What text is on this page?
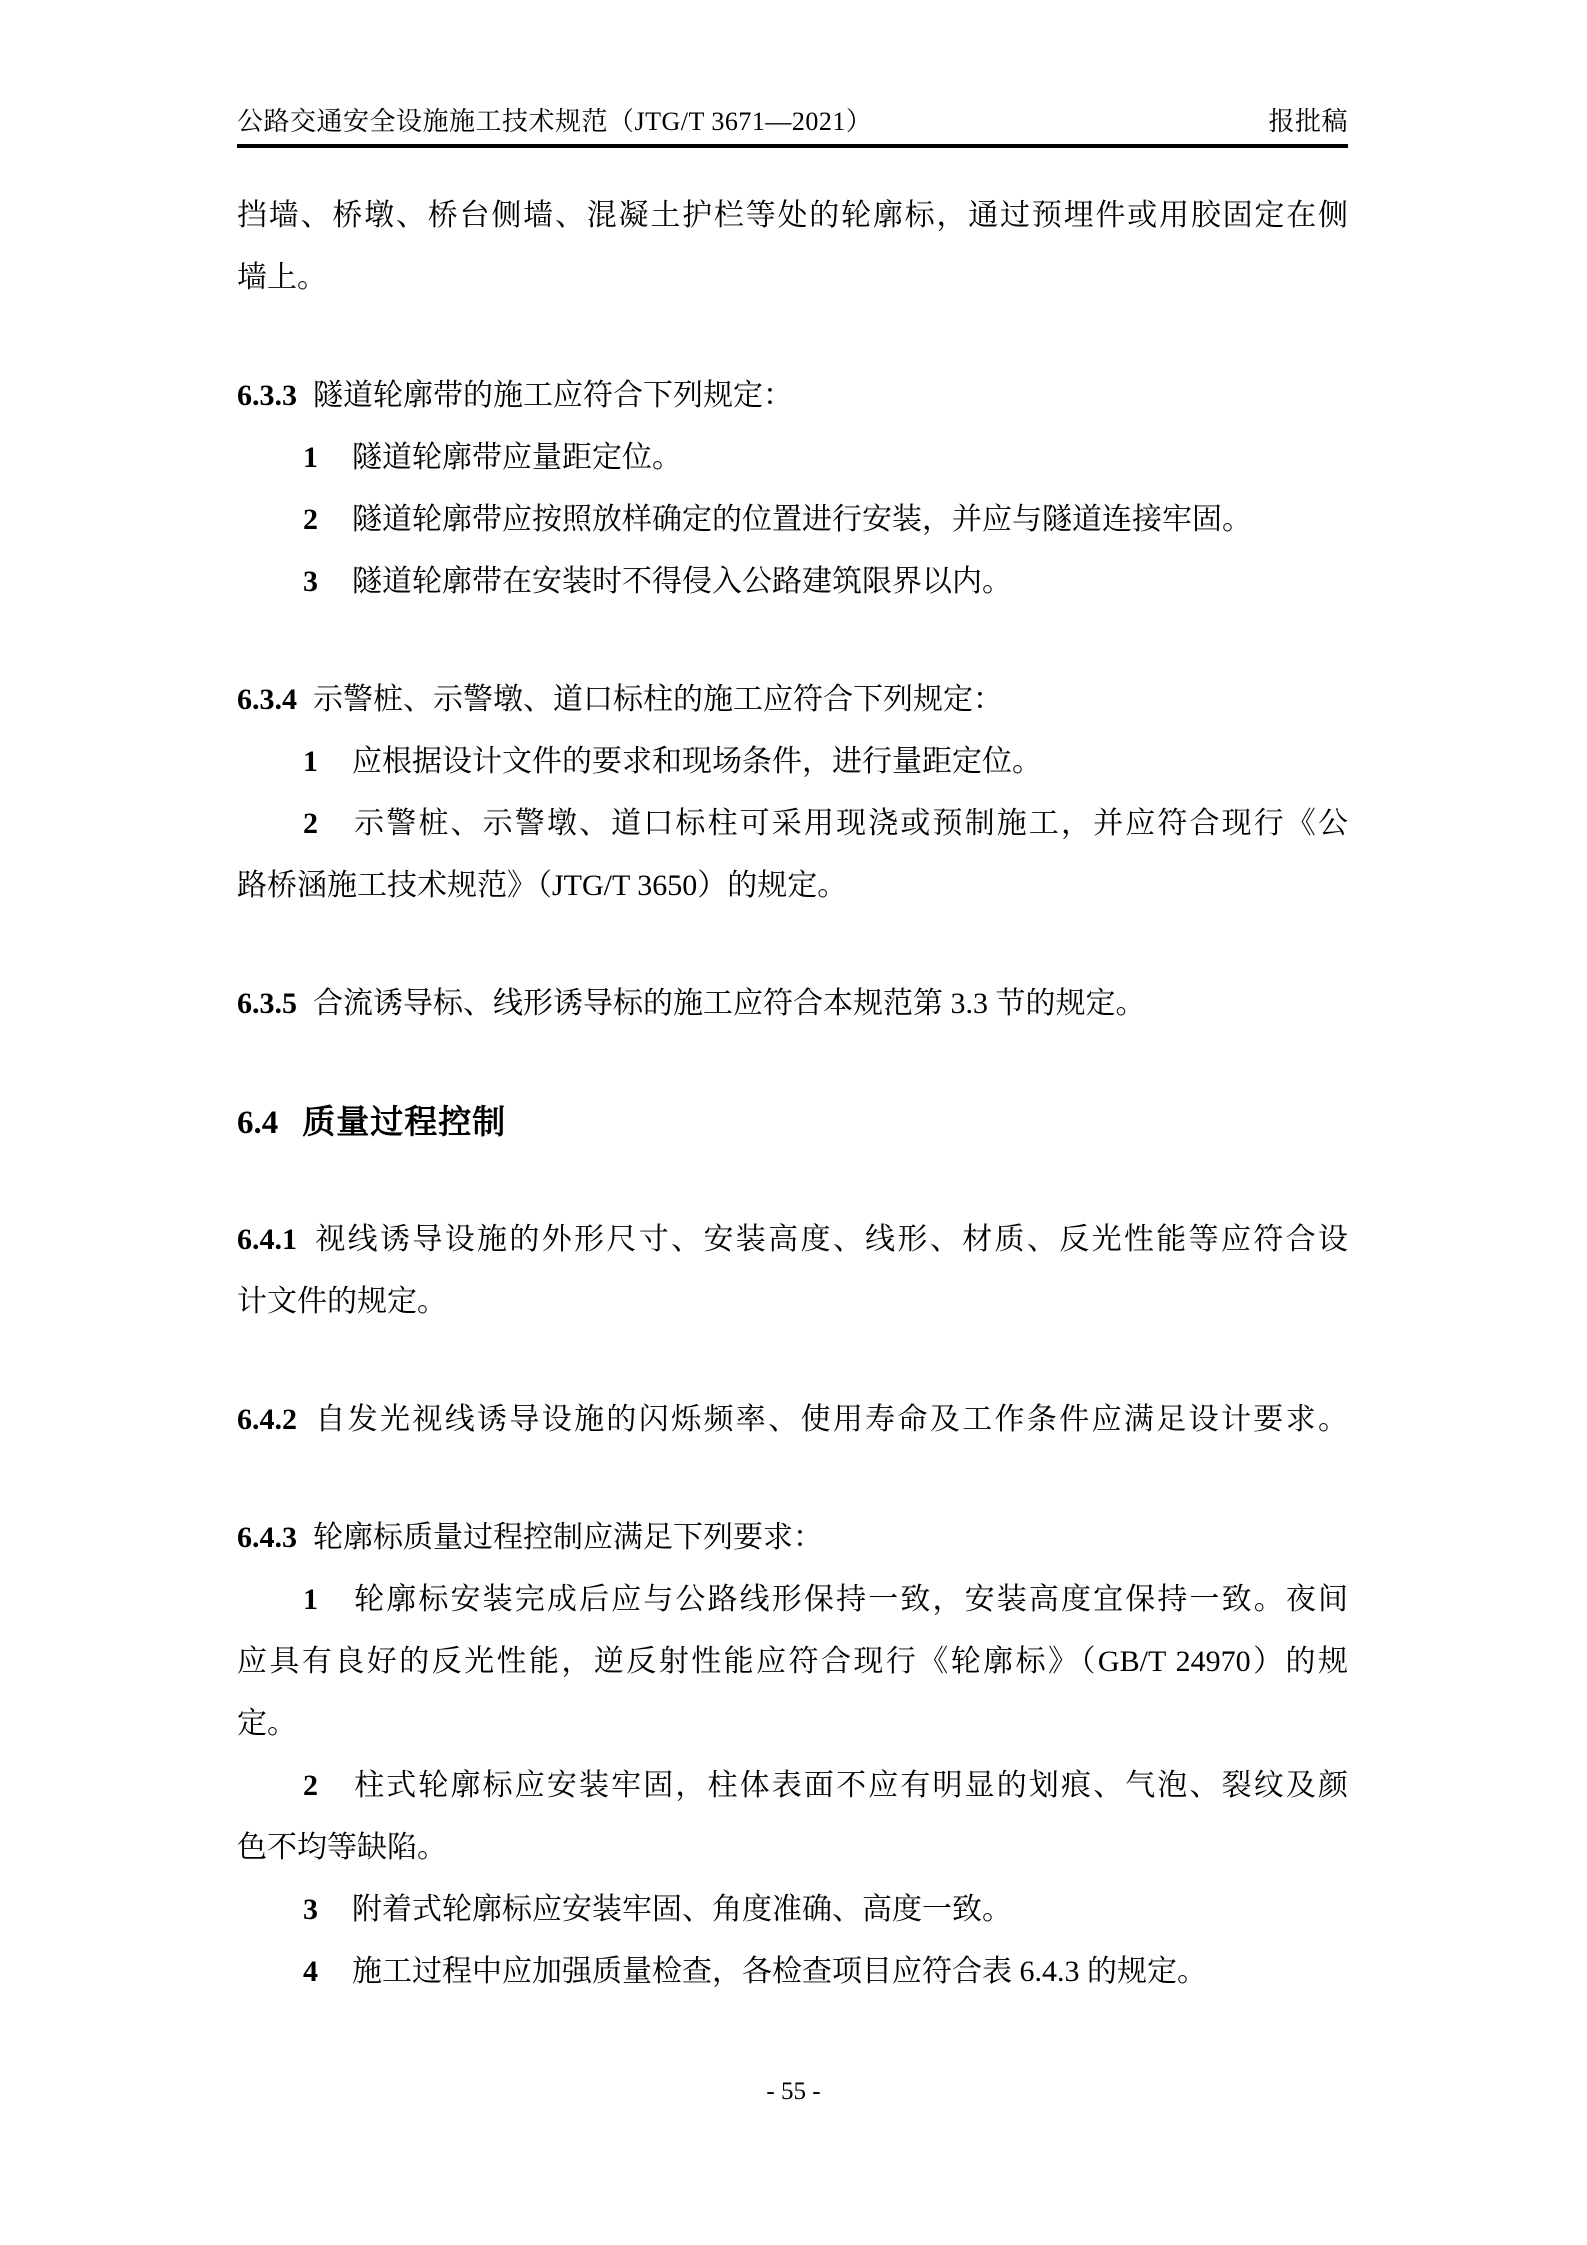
公路交通安全设施施工技术规范（JTG/T 3671—2021）	报批稿
挡墙、桥墩、桥台侧墙、混凝土护栏等处的轮廓标，通过预埋件或用胶固定在侧
墙上。
6.3.3 隧道轮廓带的施工应符合下列规定：
1 隧道轮廓带应量距定位。
2 隧道轮廓带应按照放样确定的位置进行安装，并应与隧道连接牢固。
3 隧道轮廓带在安装时不得侵入公路建筑限界以内。
6.3.4 示警桩、示警墩、道口标柱的施工应符合下列规定：
1 应根据设计文件的要求和现场条件，进行量距定位。
2 示警桩、示警墩、道口标柱可采用现浇或预制施工，并应符合现行《公
路桥涵施工技术规范》（JTG/T 3650）的规定。
6.3.5 合流诱导标、线形诱导标的施工应符合本规范第 3.3 节的规定。
6.4 质量过程控制
6.4.1 视线诱导设施的外形尺寸、安装高度、线形、材质、反光性能等应符合设
计文件的规定。
6.4.2 自发光视线诱导设施的闪烁频率、使用寿命及工作条件应满足设计要求。
6.4.3 轮廓标质量过程控制应满足下列要求：
1 轮廓标安装完成后应与公路线形保持一致，安装高度宜保持一致。夜间
应具有良好的反光性能，逆反射性能应符合现行《轮廓标》（GB/T 24970）的规
定。
2 柱式轮廓标应安装牢固，柱体表面不应有明显的划痕、气泡、裂纹及颜
色不均等缺陷。
3 附着式轮廓标应安装牢固、角度准确、高度一致。
4 施工过程中应加强质量检查，各检查项目应符合表 6.4.3 的规定。
- 55 -
